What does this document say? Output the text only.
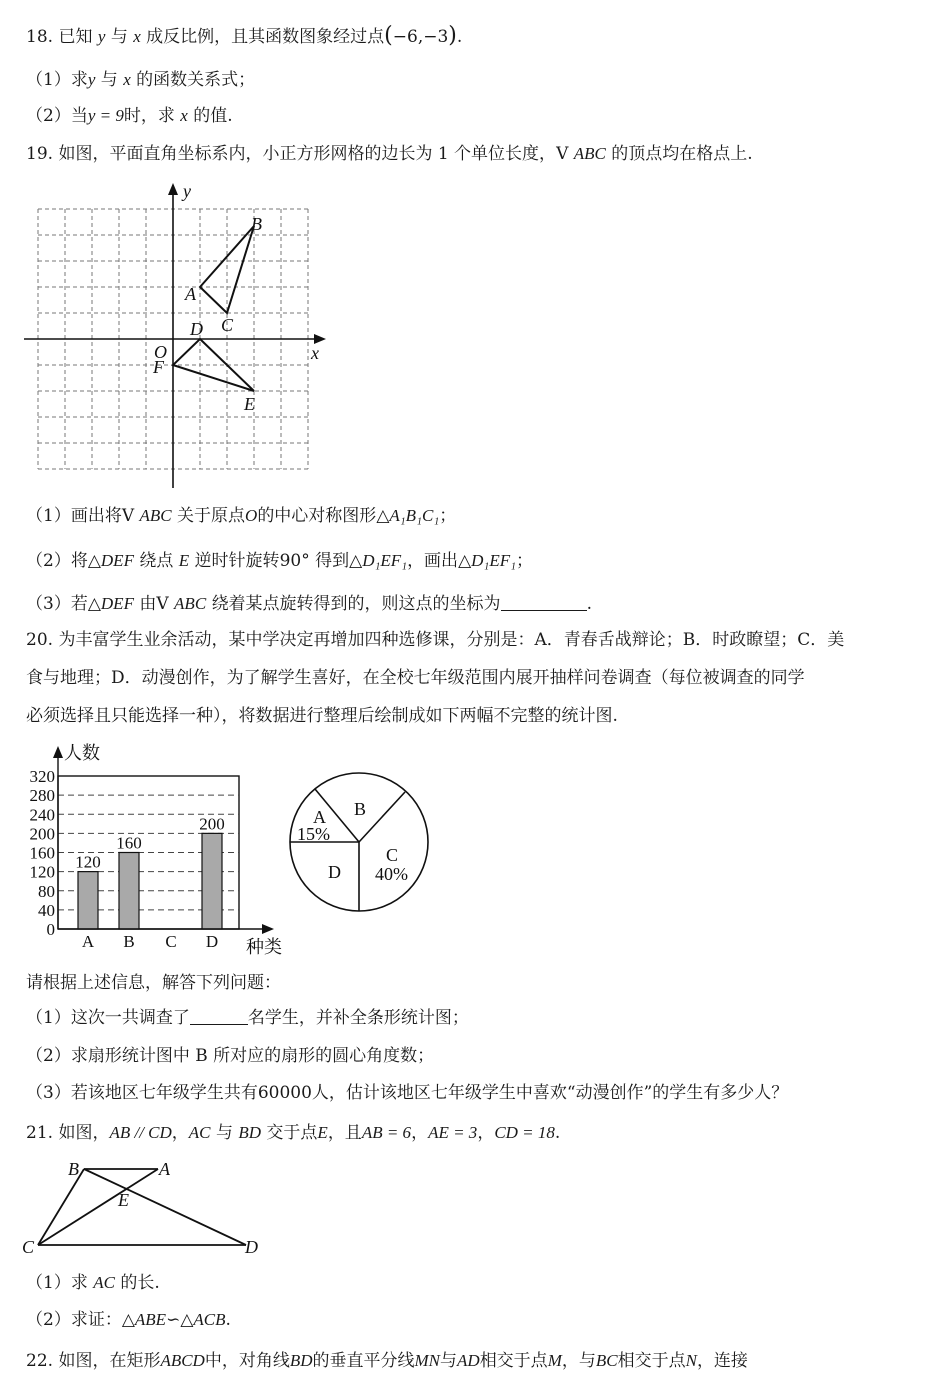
18. 已知 y 与 x 成反比例，且其函数图象经过点(−6,−3).
（1）求y 与 x 的函数关系式；
（2）当y = 9时，求 x 的值.
19. 如图，平面直角坐标系内，小正方形网格的边长为 1 个单位长度，V ABC 的顶点均在格点上.
y
x
B
A
C
D
O
F
E
（1）画出将V ABC 关于原点O的中心对称图形△A₁B₁C₁；
（2）将△DEF 绕点 E 逆时针旋转90° 得到△D₁EF₁，画出△D₁EF₁；
（3）若△DEF 由V ABC 绕着某点旋转得到的，则这点的坐标为	.
20. 为丰富学生业余活动，某中学决定再增加四种选修课，分别是：A．青春舌战辩论；B．时政瞭望；C．美
食与地理；D．动漫创作，为了解学生喜好，在全校七年级范围内展开抽样问卷调查（每位被调查的同学
必须选择且只能选择一种），将数据进行整理后绘制成如下两幅不完整的统计图.
0
40
80
120
160
200
240
280
320
120
160
200
A B C D
人数
种类
A
15%
B
C
40%
D
请根据上述信息，解答下列问题：
（1）这次一共调查了	名学生，并补全条形统计图；
（2）求扇形统计图中 B 所对应的扇形的圆心角度数；
（3）若该地区七年级学生共有60000人，估计该地区七年级学生中喜欢“动漫创作”的学生有多少人？
21. 如图，AB // CD，AC 与 BD 交于点E，且AB = 6，AE = 3，CD = 18.
B	A
E
C	D
（1）求 AC 的长.
（2）求证：△ABE∽△ACB.
22. 如图，在矩形ABCD中，对角线BD的垂直平分线MN与AD相交于点M，与BC相交于点N，连接
